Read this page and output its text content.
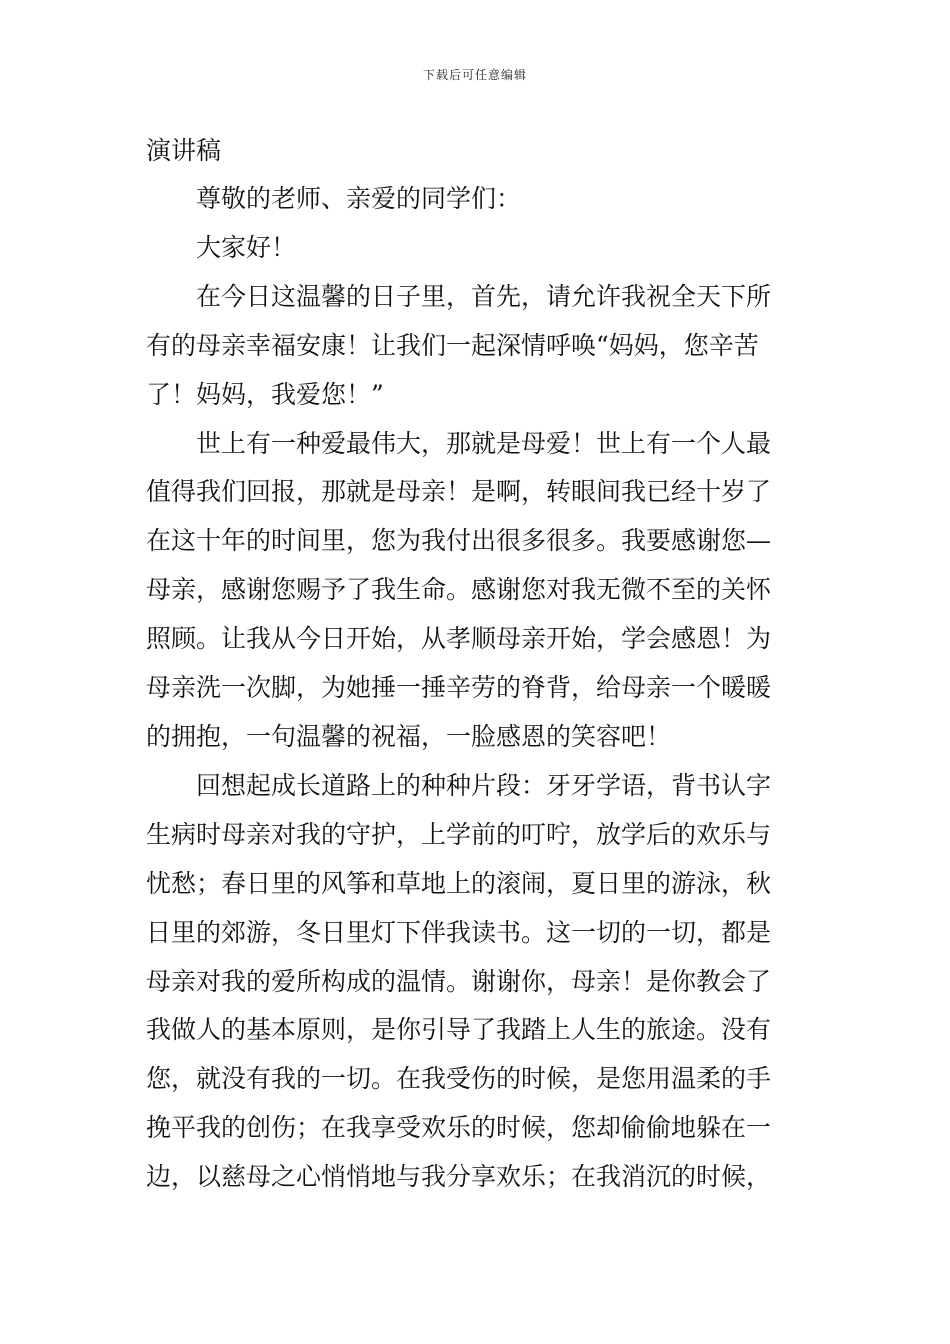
下载后可任意编辑
演讲稿

尊敬的老师、亲爱的同学们：

大家好！

在今日这温馨的日子里，首先，请允许我祝全天下所
有的母亲幸福安康！让我们一起深情呼唤“妈妈，您辛苦
了！妈妈，我爱您！”

世上有一种爱最伟大，那就是母爱！世上有一个人最
值得我们回报，那就是母亲！是啊，转眼间我已经十岁了
在这十年的时间里，您为我付出很多很多。我要感谢您—
母亲，感谢您赐予了我生命。感谢您对我无微不至的关怀
照顾。让我从今日开始，从孝顺母亲开始，学会感恩！为
母亲洗一次脚，为她捶一捶辛劳的脊背，给母亲一个暖暖
的拥抱，一句温馨的祝福，一脸感恩的笑容吧！

回想起成长道路上的种种片段：牙牙学语，背书认字
生病时母亲对我的守护，上学前的叮咛，放学后的欢乐与
忧愁；春日里的风筝和草地上的滚闹，夏日里的游泳，秋
日里的郊游，冬日里灯下伴我读书。这一切的一切，都是
母亲对我的爱所构成的温情。谢谢你，母亲！是你教会了
我做人的基本原则，是你引导了我踏上人生的旅途。没有
您，就没有我的一切。在我受伤的时候，是您用温柔的手
挽平我的创伤；在我享受欢乐的时候，您却偷偷地躲在一
边，以慈母之心悄悄地与我分享欢乐；在我消沉的时候，
